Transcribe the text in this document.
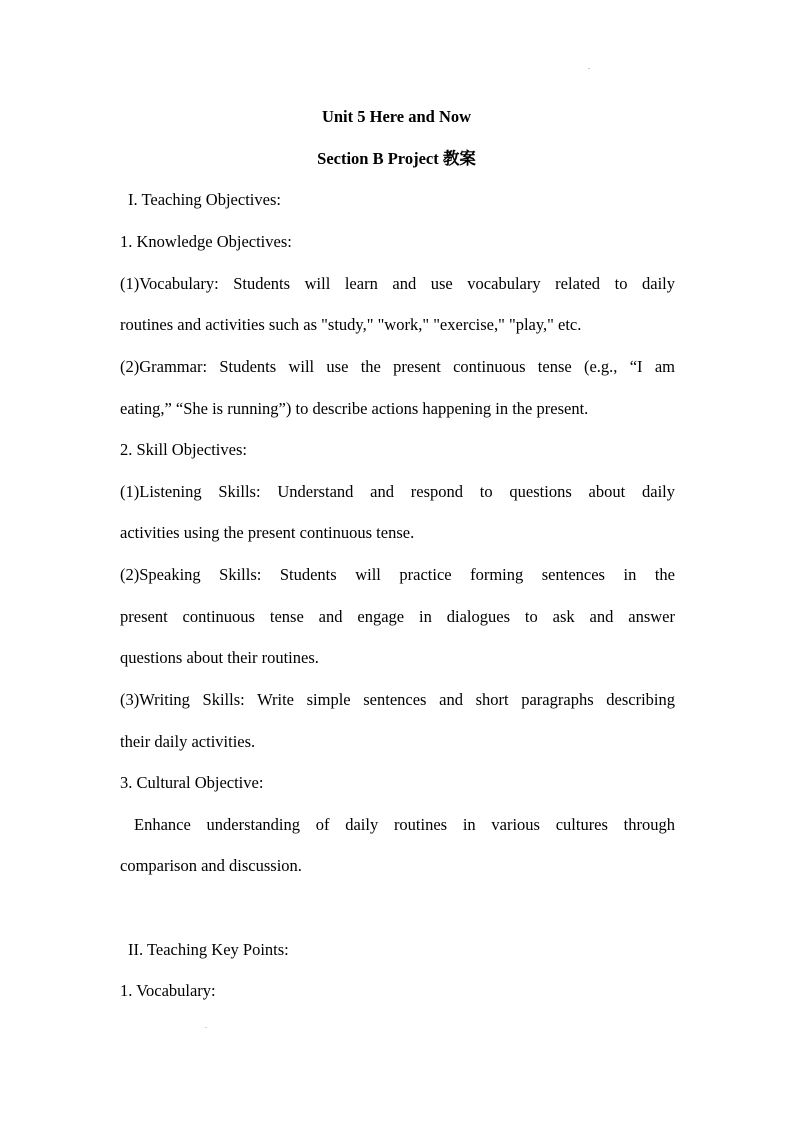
Unit 5 Here and Now
Section B Project 教案
I. Teaching Objectives:
1. Knowledge Objectives:
(1)Vocabulary: Students will learn and use vocabulary related to daily
routines and activities such as "study," "work," "exercise," "play," etc.
(2)Grammar: Students will use the present continuous tense (e.g., “I am
eating,” “She is running”) to describe actions happening in the present.
2. Skill Objectives:
(1)Listening Skills: Understand and respond to questions about daily
activities using the present continuous tense.
(2)Speaking Skills: Students will practice forming sentences in the
present continuous tense and engage in dialogues to ask and answer
questions about their routines.
(3)Writing Skills: Write simple sentences and short paragraphs describing
their daily activities.
3. Cultural Objective:
Enhance understanding of daily routines in various cultures through
comparison and discussion.
II. Teaching Key Points:
1. Vocabulary:
